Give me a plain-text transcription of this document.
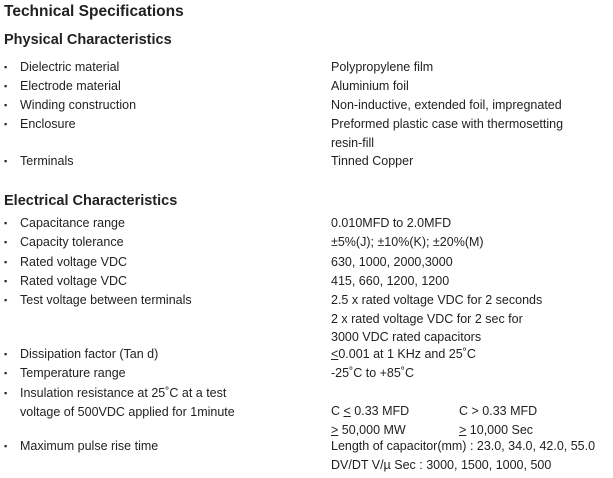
Technical Specifications
Physical Characteristics
▪ Dielectric material	Polypropylene film
▪ Electrode material	Aluminium foil
▪ Winding construction	Non-inductive, extended foil, impregnated
▪ Enclosure	Preformed plastic case with thermosetting
resin-fill
▪ Terminals	Tinned Copper
Electrical Characteristics
▪ Capacitance range	0.010MFD to 2.0MFD
▪ Capacity tolerance	±5%(J); ±10%(K); ±20%(M)
▪ Rated voltage VDC	630, 1000, 2000,3000
▪ Rated voltage VDC	415, 660, 1200, 1200
▪ Test voltage between terminals	2.5 x rated voltage VDC for 2 seconds
2 x rated voltage VDC for 2 sec for
3000 VDC rated capacitors
▪ Dissipation factor (Tan d)	≤0.001 at 1 KHz and 25˚C
▪ Temperature range	-25˚C to +85˚C
▪ Insulation resistance at 25˚C at a test
voltage of 500VDC applied for 1minute	C ≤ 0.33 MFD	C > 0.33 MFD
≥ 50,000 MW	≥ 10,000 Sec
▪ Maximum pulse rise time	Length of capacitor(mm) : 23.0, 34.0, 42.0, 55.0
DV/DT V/µ Sec : 3000, 1500, 1000, 500
